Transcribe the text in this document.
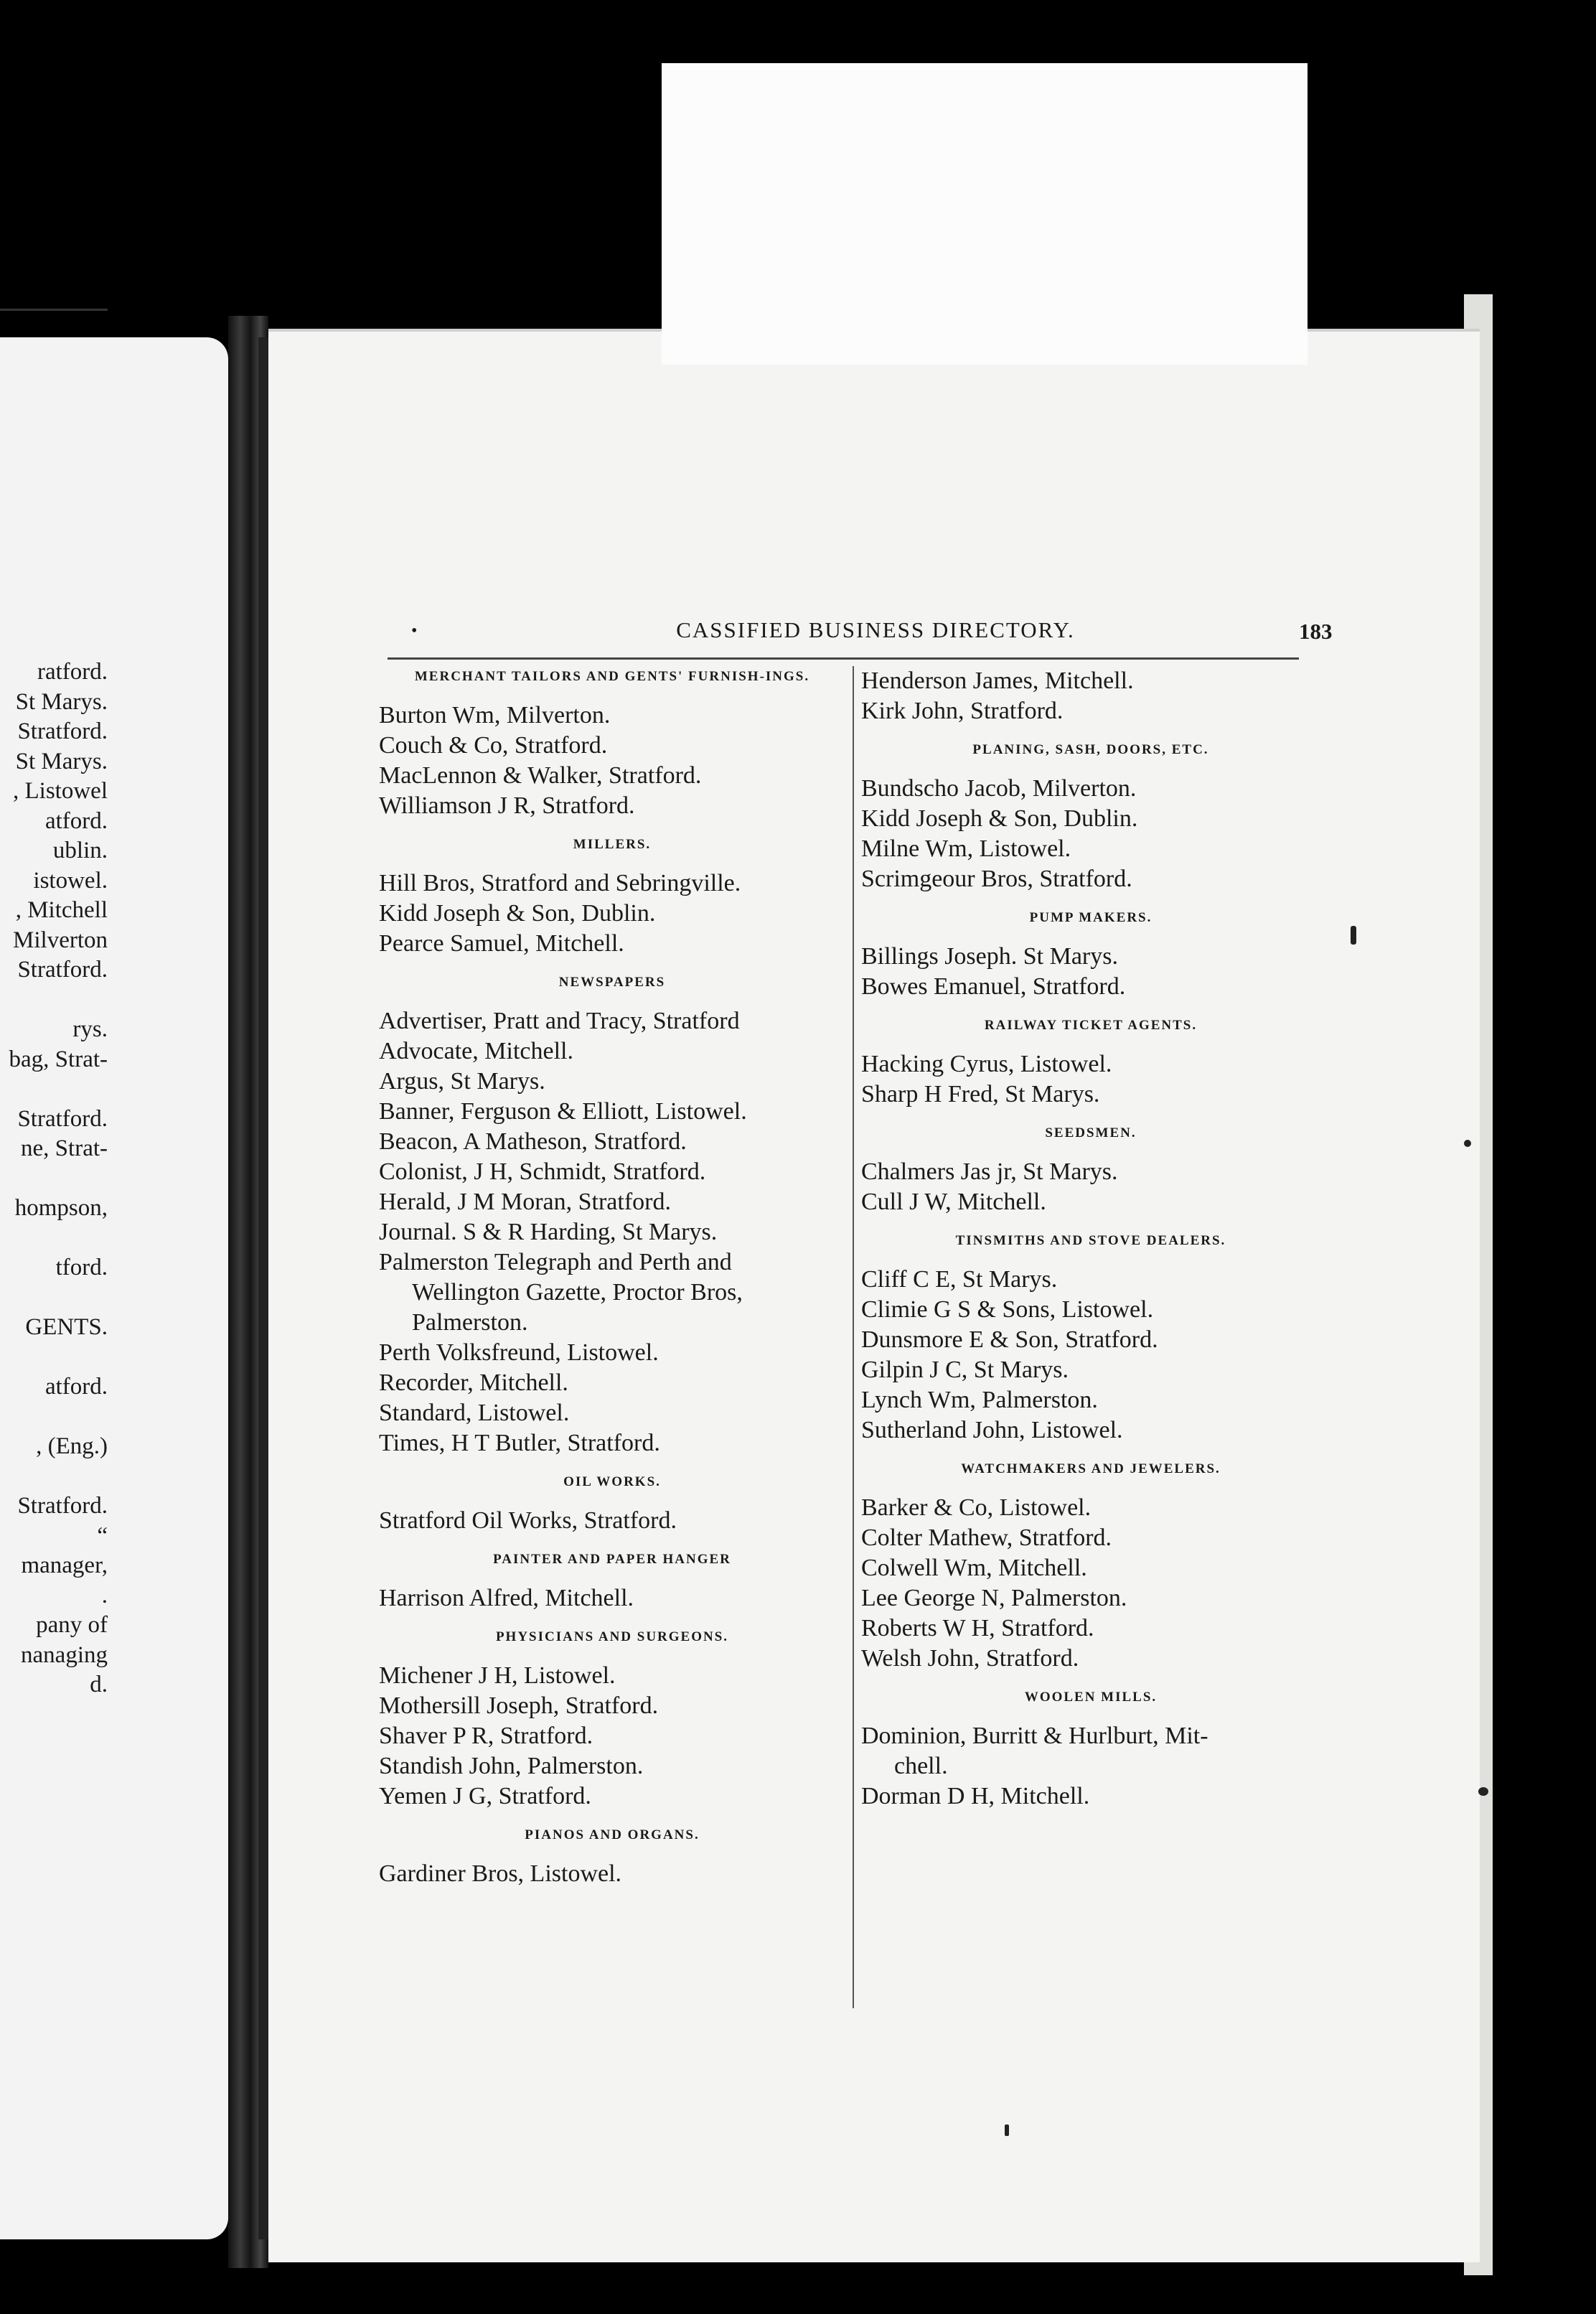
ratford.
St Marys.
Stratford.
St Marys.
, Listowel
atford.
ublin.
istowel.
, Mitchell
Milverton
Stratford.
rys.
bag, Strat-
Stratford.
ne, Strat-
hompson,
tford.
GENTS.
atford.
, (Eng.)
Stratford.
“
manager,
.
pany of
nanaging
d.
•	CASSIFIED BUSINESS DIRECTORY.	183
MERCHANT TAILORS AND GENTS' FURNISH-INGS.
Burton Wm, Milverton.
Couch & Co, Stratford.
MacLennon & Walker, Stratford.
Williamson J R, Stratford.
MILLERS.
Hill Bros, Stratford and Sebringville.
Kidd Joseph & Son, Dublin.
Pearce Samuel, Mitchell.
NEWSPAPERS
Advertiser, Pratt and Tracy, Stratford
Advocate, Mitchell.
Argus, St Marys.
Banner, Ferguson & Elliott, Listowel.
Beacon, A Matheson, Stratford.
Colonist, J H, Schmidt, Stratford.
Herald, J M Moran, Stratford.
Journal. S & R Harding, St Marys.
Palmerston Telegraph and Perth and
Wellington Gazette, Proctor Bros,
Palmerston.
Perth Volksfreund, Listowel.
Recorder, Mitchell.
Standard, Listowel.
Times, H T Butler, Stratford.
OIL WORKS.
Stratford Oil Works, Stratford.
PAINTER AND PAPER HANGER
Harrison Alfred, Mitchell.
PHYSICIANS AND SURGEONS.
Michener J H, Listowel.
Mothersill Joseph, Stratford.
Shaver P R, Stratford.
Standish John, Palmerston.
Yemen J G, Stratford.
PIANOS AND ORGANS.
Gardiner Bros, Listowel.
Henderson James, Mitchell.
Kirk John, Stratford.
PLANING, SASH, DOORS, ETC.
Bundscho Jacob, Milverton.
Kidd Joseph & Son, Dublin.
Milne Wm, Listowel.
Scrimgeour Bros, Stratford.
PUMP MAKERS.
Billings Joseph. St Marys.
Bowes Emanuel, Stratford.
RAILWAY TICKET AGENTS.
Hacking Cyrus, Listowel.
Sharp H Fred, St Marys.
SEEDSMEN.
Chalmers Jas jr, St Marys.
Cull J W, Mitchell.
TINSMITHS AND STOVE DEALERS.
Cliff C E, St Marys.
Climie G S & Sons, Listowel.
Dunsmore E & Son, Stratford.
Gilpin J C, St Marys.
Lynch Wm, Palmerston.
Sutherland John, Listowel.
WATCHMAKERS AND JEWELERS.
Barker & Co, Listowel.
Colter Mathew, Stratford.
Colwell Wm, Mitchell.
Lee George N, Palmerston.
Roberts W H, Stratford.
Welsh John, Stratford.
WOOLEN MILLS.
Dominion, Burritt & Hurlburt, Mit-
chell.
Dorman D H, Mitchell.
